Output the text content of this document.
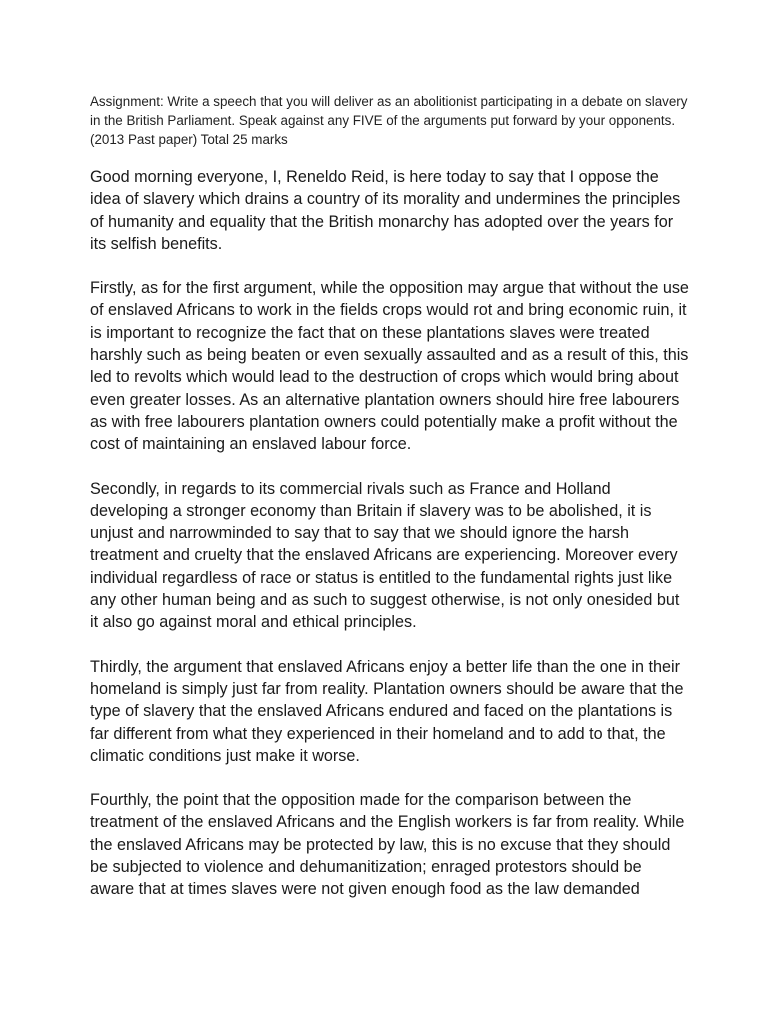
Assignment: Write a speech that you will deliver as an abolitionist participating in a debate on slavery in the British Parliament. Speak against any FIVE of the arguments put forward by your opponents. (2013 Past paper) Total 25 marks

Good morning everyone, I, Reneldo Reid, is here today to say that I oppose the idea of slavery which drains a country of its morality and undermines the principles of humanity and equality that the British monarchy has adopted over the years for its selfish benefits.

Firstly, as for the first argument, while the opposition may argue that without the use of enslaved Africans to work in the fields crops would rot and bring economic ruin, it is important to recognize the fact that on these plantations slaves were treated harshly such as being beaten or even sexually assaulted and as a result of this, this led to revolts which would lead to the destruction of crops which would bring about even greater losses. As an alternative plantation owners should hire free labourers as with free labourers plantation owners could potentially make a profit without the cost of maintaining an enslaved labour force.

Secondly, in regards to its commercial rivals such as France and Holland developing a stronger economy than Britain if slavery was to be abolished, it is unjust and narrowminded to say that to say that we should ignore the harsh treatment and cruelty that the enslaved Africans are experiencing. Moreover every individual regardless of race or status is entitled to the fundamental rights just like any other human being and as such to suggest otherwise, is not only onesided but it also go against moral and ethical principles.

Thirdly, the argument that enslaved Africans enjoy a better life than the one in their homeland is simply just far from reality. Plantation owners should be aware that the type of slavery that the enslaved Africans endured and faced on the plantations is far different from what they experienced in their homeland and to add to that, the climatic conditions just make it worse.

Fourthly, the point that the opposition made for the comparison between the treatment of the enslaved Africans and the English workers is far from reality. While the enslaved Africans may be protected by law, this is no excuse that they should be subjected to violence and dehumanitization; enraged protestors should be aware that at times slaves were not given enough food as the law demanded
